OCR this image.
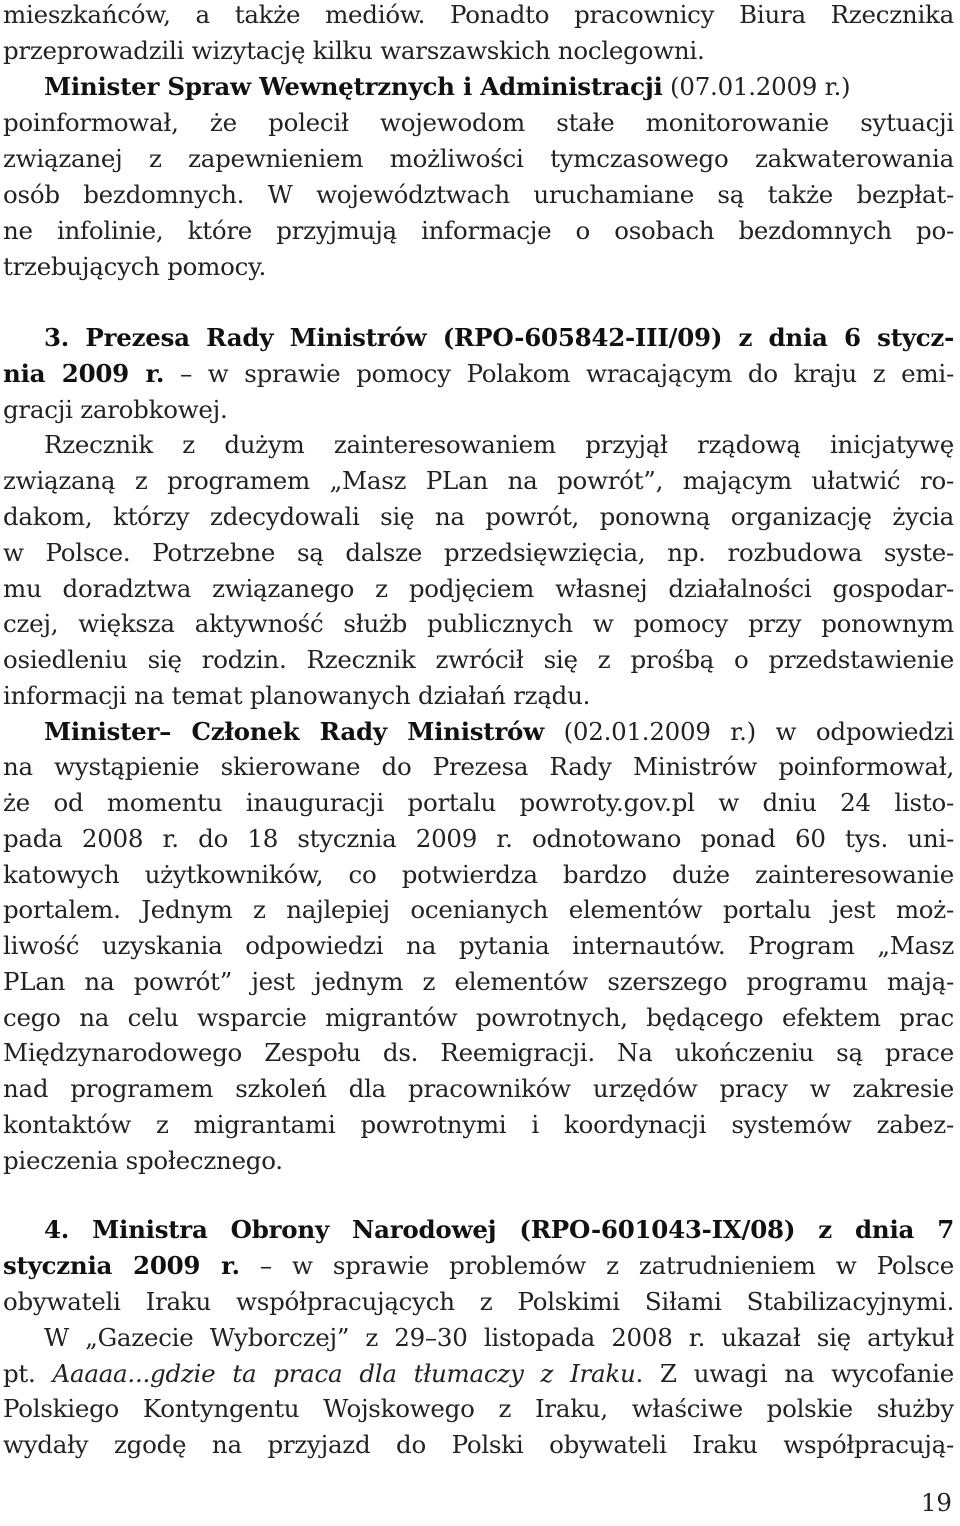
mieszkańców, a także mediów. Ponadto pracownicy Biura Rzecznika
przeprowadzili wizytację kilku warszawskich noclegowni.
Minister Spraw Wewnętrznych i Administracji (07.01.2009 r.)
poinformował, że polecił wojewodom stałe monitorowanie sytuacji
związanej z zapewnieniem możliwości tymczasowego zakwaterowania
osób bezdomnych. W województwach uruchamiane są także bezpłat-
ne infolinie, które przyjmują informacje o osobach bezdomnych po-
trzebujących pomocy.
3. Prezesa Rady Ministrów (RPO-605842-III/09) z dnia 6 stycz-
nia 2009 r. – w sprawie pomocy Polakom wracającym do kraju z emi-
gracji zarobkowej.
Rzecznik z dużym zainteresowaniem przyjął rządową inicjatywę
związaną z programem „Masz PLan na powrót”, mającym ułatwić ro-
dakom, którzy zdecydowali się na powrót, ponowną organizację życia
w Polsce. Potrzebne są dalsze przedsięwzięcia, np. rozbudowa syste-
mu doradztwa związanego z podjęciem własnej działalności gospodar-
czej, większa aktywność służb publicznych w pomocy przy ponownym
osiedleniu się rodzin. Rzecznik zwrócił się z prośbą o przedstawienie
informacji na temat planowanych działań rządu.
Minister– Członek Rady Ministrów (02.01.2009 r.) w odpowiedzi
na wystąpienie skierowane do Prezesa Rady Ministrów poinformował,
że od momentu inauguracji portalu powroty.gov.pl w dniu 24 listo-
pada 2008 r. do 18 stycznia 2009 r. odnotowano ponad 60 tys. uni-
katowych użytkowników, co potwierdza bardzo duże zainteresowanie
portalem. Jednym z najlepiej ocenianych elementów portalu jest moż-
liwość uzyskania odpowiedzi na pytania internautów. Program „Masz
PLan na powrót” jest jednym z elementów szerszego programu mają-
cego na celu wsparcie migrantów powrotnych, będącego efektem prac
Międzynarodowego Zespołu ds. Reemigracji. Na ukończeniu są prace
nad programem szkoleń dla pracowników urzędów pracy w zakresie
kontaktów z migrantami powrotnymi i koordynacji systemów zabez-
pieczenia społecznego.
4. Ministra Obrony Narodowej (RPO-601043-IX/08) z dnia 7
stycznia 2009 r. – w sprawie problemów z zatrudnieniem w Polsce
obywateli Iraku współpracujących z Polskimi Siłami Stabilizacyjnymi.
W „Gazecie Wyborczej” z 29–30 listopada 2008 r. ukazał się artykuł
pt. Aaaaa...gdzie ta praca dla tłumaczy z Iraku. Z uwagi na wycofanie
Polskiego Kontyngentu Wojskowego z Iraku, właściwe polskie służby
wydały zgodę na przyjazd do Polski obywateli Iraku współpracują-
19
